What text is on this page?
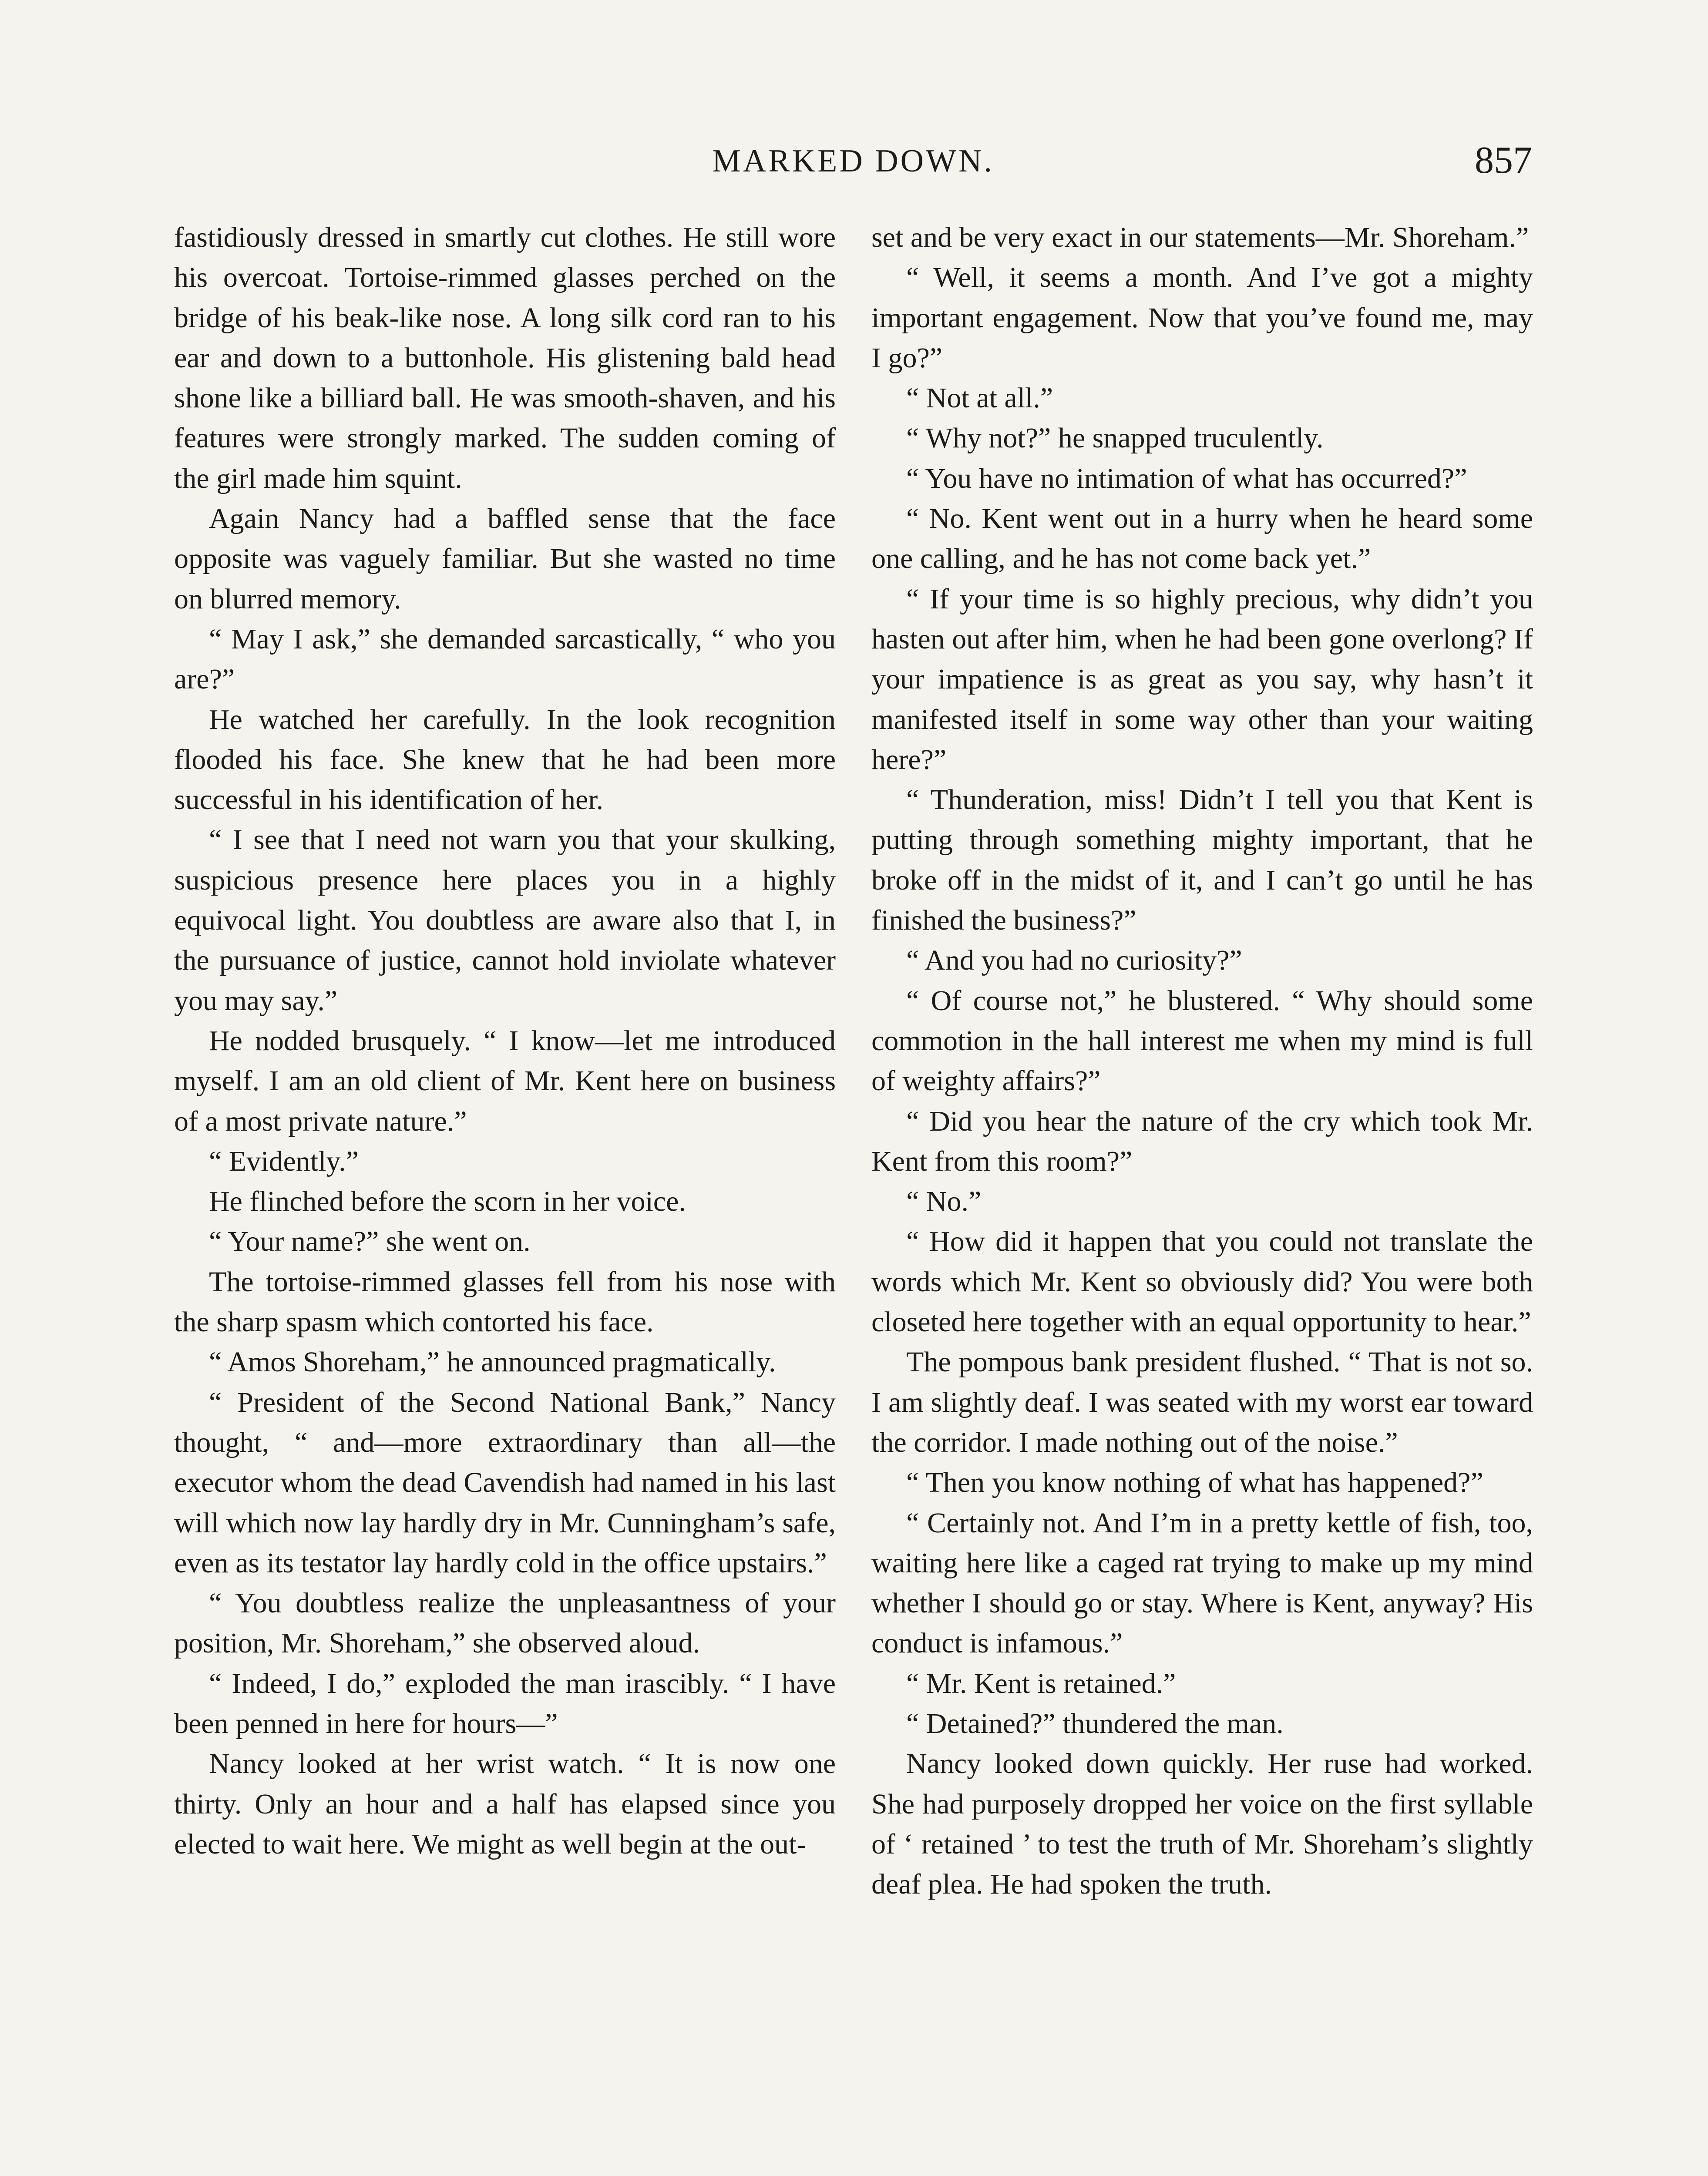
MARKED DOWN.	857

fastidiously dressed in smartly cut clothes. He still wore his overcoat. Tortoise-rimmed glasses perched on the bridge of his beak-like nose. A long silk cord ran to his ear and down to a buttonhole. His glistening bald head shone like a billiard ball. He was smooth-shaven, and his features were strongly marked. The sudden coming of the girl made him squint.

Again Nancy had a baffled sense that the face opposite was vaguely familiar. But she wasted no time on blurred memory.

“ May I ask,” she demanded sarcastically, “ who you are?”

He watched her carefully. In the look recognition flooded his face. She knew that he had been more successful in his identification of her.

“ I see that I need not warn you that your skulking, suspicious presence here places you in a highly equivocal light. You doubtless are aware also that I, in the pursuance of justice, cannot hold inviolate whatever you may say.”

He nodded brusquely. “ I know—let me introduced myself. I am an old client of Mr. Kent here on business of a most private nature.”

“ Evidently.”

He flinched before the scorn in her voice.

“ Your name?” she went on.

The tortoise-rimmed glasses fell from his nose with the sharp spasm which contorted his face.

“ Amos Shoreham,” he announced pragmatically.

“ President of the Second National Bank,” Nancy thought, “ and—more extraordinary than all—the executor whom the dead Cavendish had named in his last will which now lay hardly dry in Mr. Cunningham’s safe, even as its testator lay hardly cold in the office upstairs.”

“ You doubtless realize the unpleasantness of your position, Mr. Shoreham,” she observed aloud.

“ Indeed, I do,” exploded the man irascibly. “ I have been penned in here for hours—”

Nancy looked at her wrist watch. “ It is now one thirty. Only an hour and a half has elapsed since you elected to wait here. We might as well begin at the out-

set and be very exact in our statements—Mr. Shoreham.”

“ Well, it seems a month. And I’ve got a mighty important engagement. Now that you’ve found me, may I go?”

“ Not at all.”

“ Why not?” he snapped truculently.

“ You have no intimation of what has occurred?”

“ No. Kent went out in a hurry when he heard some one calling, and he has not come back yet.”

“ If your time is so highly precious, why didn’t you hasten out after him, when he had been gone overlong? If your impatience is as great as you say, why hasn’t it manifested itself in some way other than your waiting here?”

“ Thunderation, miss! Didn’t I tell you that Kent is putting through something mighty important, that he broke off in the midst of it, and I can’t go until he has finished the business?”

“ And you had no curiosity?”

“ Of course not,” he blustered. “ Why should some commotion in the hall interest me when my mind is full of weighty affairs?”

“ Did you hear the nature of the cry which took Mr. Kent from this room?”

“ No.”

“ How did it happen that you could not translate the words which Mr. Kent so obviously did? You were both closeted here together with an equal opportunity to hear.”

The pompous bank president flushed. “ That is not so. I am slightly deaf. I was seated with my worst ear toward the corridor. I made nothing out of the noise.”

“ Then you know nothing of what has happened?”

“ Certainly not. And I’m in a pretty kettle of fish, too, waiting here like a caged rat trying to make up my mind whether I should go or stay. Where is Kent, anyway? His conduct is infamous.”

“ Mr. Kent is retained.”

“ Detained?” thundered the man.

Nancy looked down quickly. Her ruse had worked. She had purposely dropped her voice on the first syllable of ‘ retained ’ to test the truth of Mr. Shoreham’s slightly deaf plea. He had spoken the truth.
